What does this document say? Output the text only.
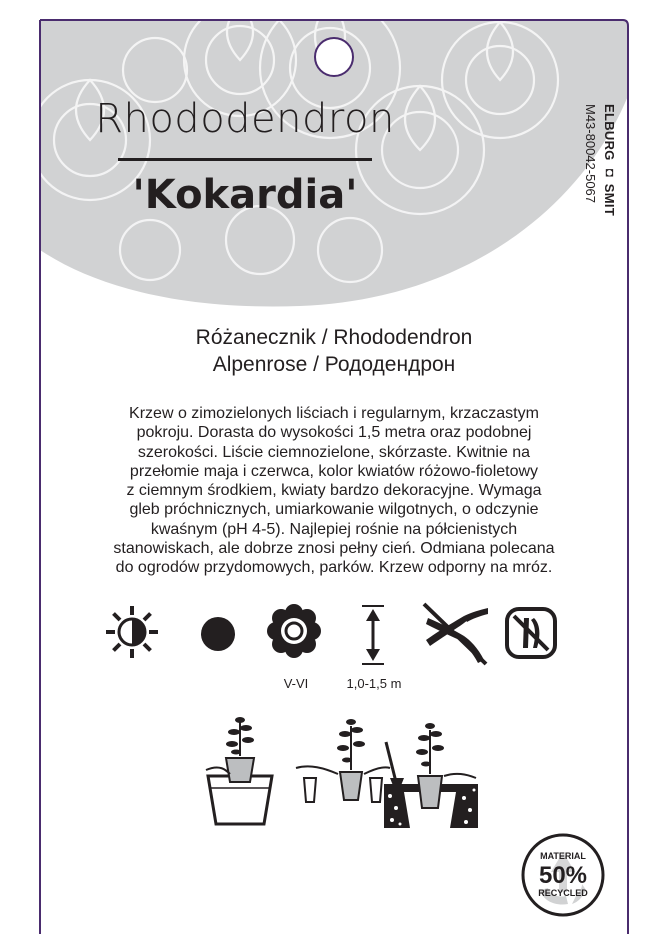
Rhododendron
'Kokardia'	ELBURG ◘ SMIT
M43-80042-5067
Różanecznik / Rhododendron
Alpenrose / Рододендрон
Krzew o zimozielonych liściach i regularnym, krzaczastym
pokroju. Dorasta do wysokości 1,5 metra oraz podobnej
szerokości. Liście ciemnozielone, skórzaste. Kwitnie na
przełomie maja i czerwca, kolor kwiatów różowo-fioletowy
z ciemnym środkiem, kwiaty bardzo dekoracyjne. Wymaga
gleb próchnicznych, umiarkowanie wilgotnych, o odczynie
kwaśnym (pH 4-5). Najlepiej rośnie na półcienistych
stanowiskach, ale dobrze znosi pełny cień. Odmiana polecana
do ogrodów przydomowych, parków. Krzew odporny na mróz.
V-VI	1,0-1,5 m
MATERIAL
50%
RECYCLED
